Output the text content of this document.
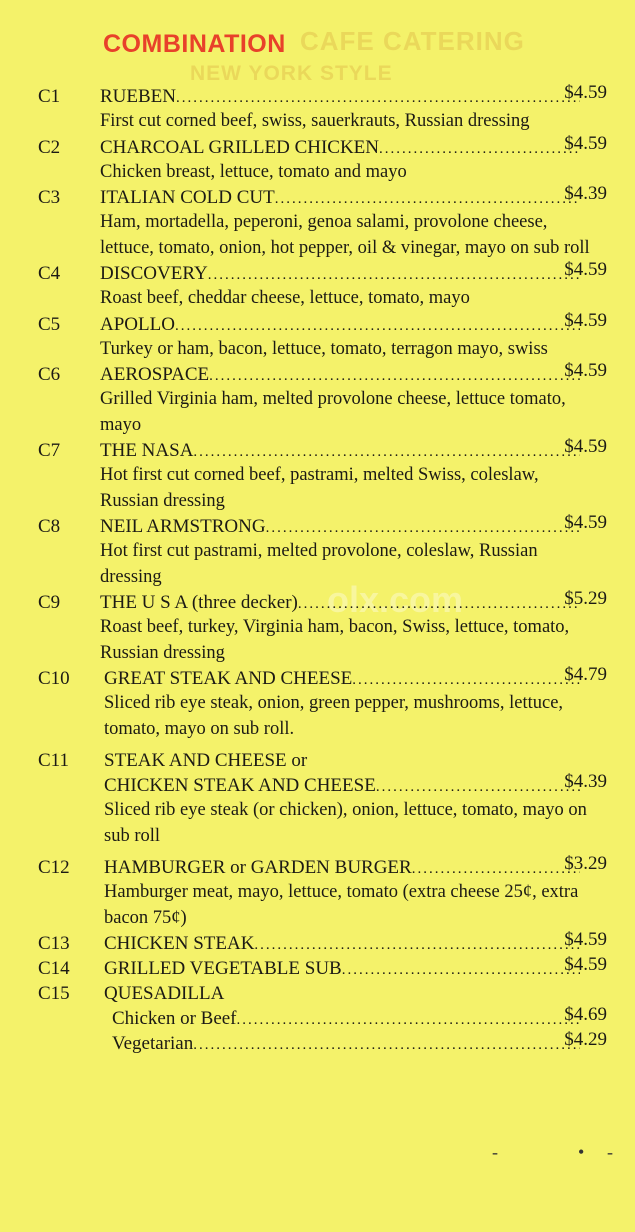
CAFE CATERING
NEW YORK STYLE
olx.com
COMBINATION
C1 RUEBEN .....	$4.59
First cut corned beef, swiss, sauerkrauts, Russian dressing
C2 CHARCOAL GRILLED CHICKEN .....	$4.59
Chicken breast, lettuce, tomato and mayo
C3 ITALIAN COLD CUT .....	$4.39
Ham, mortadella, peperoni, genoa salami, provolone cheese, lettuce, tomato, onion, hot pepper, oil & vinegar, mayo on sub roll
C4 DISCOVERY .....	$4.59
Roast beef, cheddar cheese, lettuce, tomato, mayo
C5 APOLLO .....	$4.59
Turkey or ham, bacon, lettuce, tomato, terragon mayo, swiss
C6 AEROSPACE .....	$4.59
Grilled Virginia ham, melted provolone cheese, lettuce tomato, mayo
C7 THE NASA .....	$4.59
Hot first cut corned beef, pastrami, melted Swiss, coleslaw, Russian dressing
C8 NEIL ARMSTRONG .....	$4.59
Hot first cut pastrami, melted provolone, coleslaw, Russian dressing
C9 THE U S A (three decker) .....	$5.29
Roast beef, turkey, Virginia ham, bacon, Swiss, lettuce, tomato, Russian dressing
C10 GREAT STEAK AND CHEESE .....	$4.79
Sliced rib eye steak, onion, green pepper, mushrooms, lettuce, tomato, mayo on sub roll.
C11 STEAK AND CHEESE or
CHICKEN STEAK AND CHEESE .....	$4.39
Sliced rib eye steak (or chicken), onion, lettuce, tomato, mayo on sub roll
C12 HAMBURGER or GARDEN BURGER .....	$3.29
Hamburger meat, mayo, lettuce, tomato (extra cheese 25¢, extra bacon 75¢)
C13 CHICKEN STEAK .....	$4.59
C14 GRILLED VEGETABLE SUB .....	$4.59
C15 QUESADILLA
Chicken or Beef .....	$4.69
Vegetarian .....	$4.29
-	• -
